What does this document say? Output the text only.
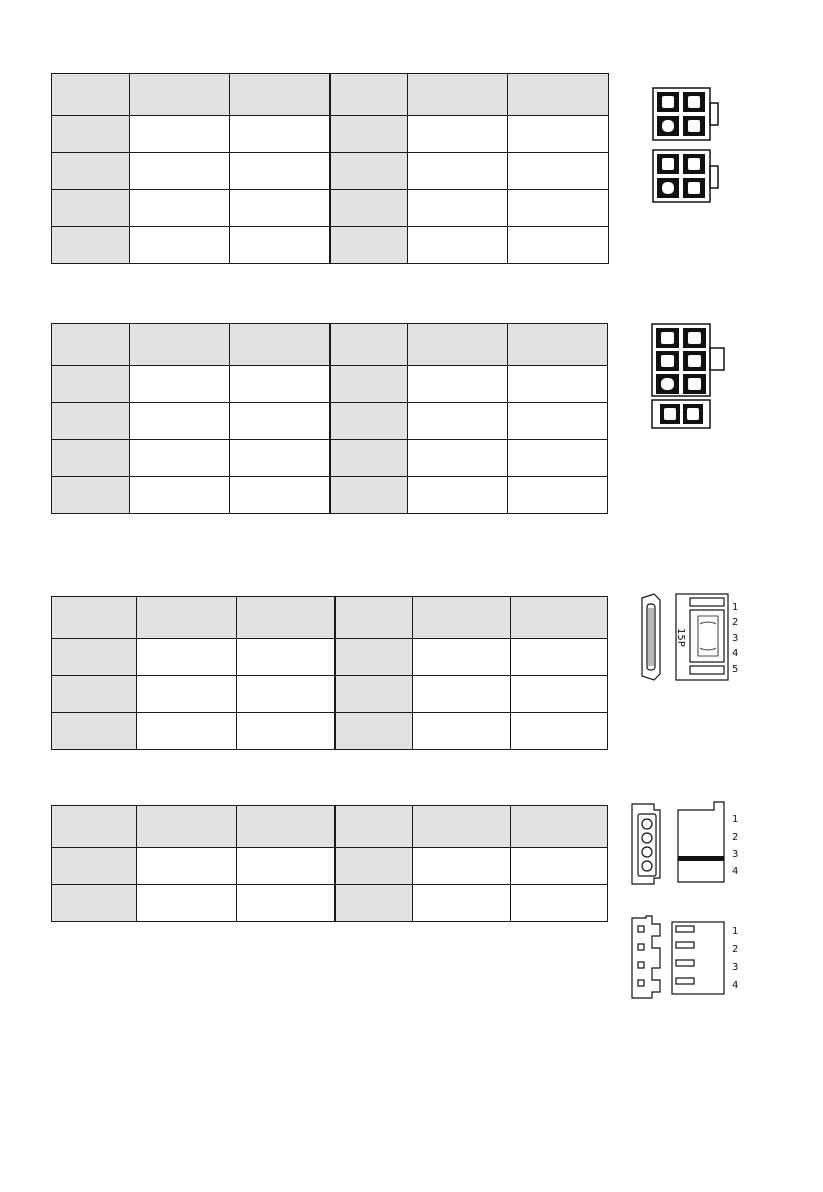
15P
1
2
3
4
5
1
2
3
4
1
2
3
4
